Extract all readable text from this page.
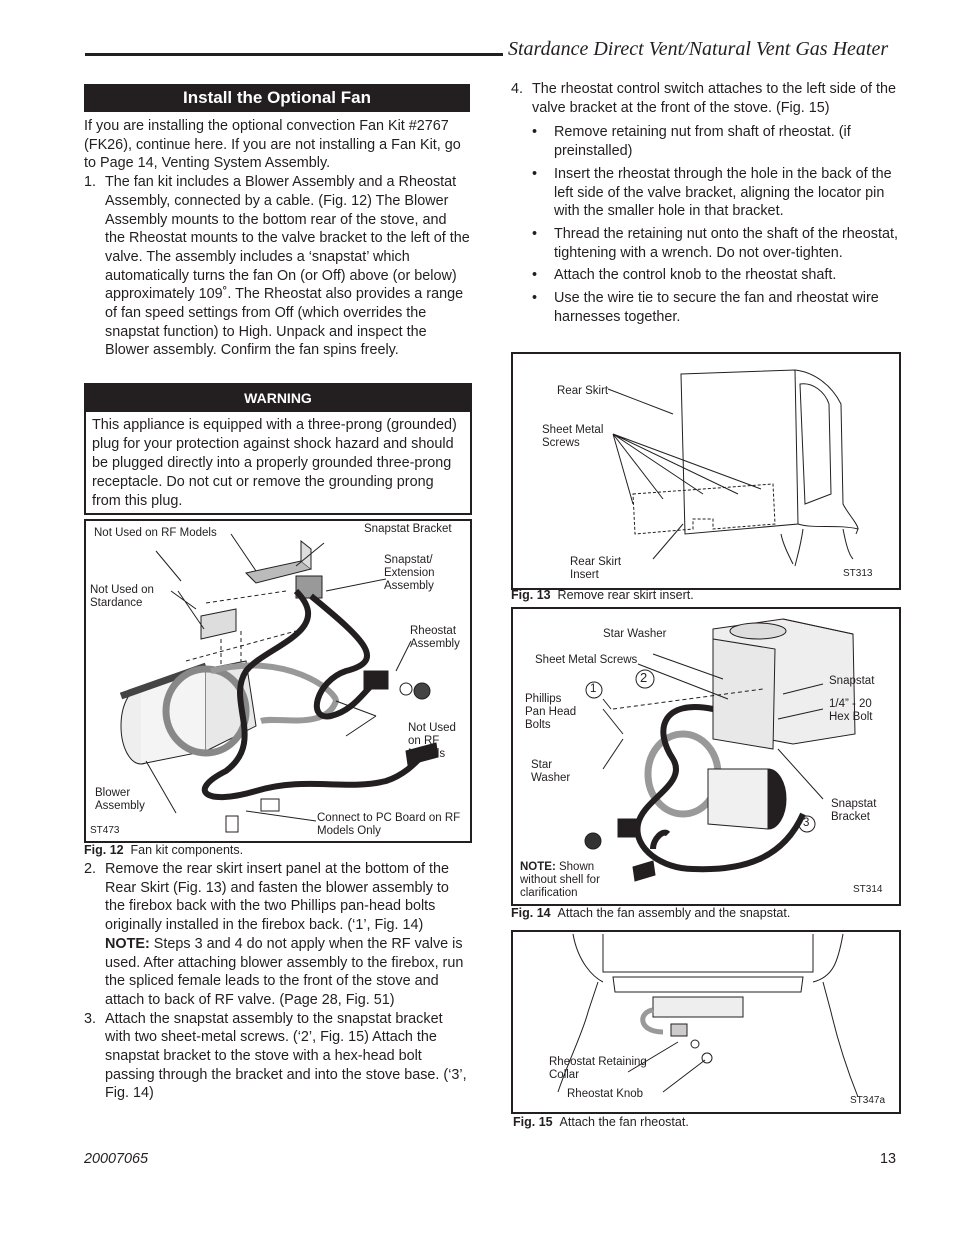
Stardance Direct Vent/Natural Vent Gas Heater
Install the Optional Fan
If you are installing the optional convection Fan Kit #2767 (FK26), continue here. If you are not installing a Fan Kit, go to Page 14, Venting System Assembly.
1. The fan kit includes a Blower Assembly and a Rheostat Assembly, connected by a cable. (Fig. 12) The Blower Assembly mounts to the bottom rear of the stove, and the Rheostat mounts to the valve bracket to the left of the valve. The assembly includes a ‘snapstat’ which automatically turns the fan On (or Off) above (or below) approximately 109˚. The Rheostat also provides a range of fan speed settings from Off (which overrides the snapstat function) to High. Unpack and inspect the Blower assembly. Confirm the fan spins freely.
WARNING
This appliance is equipped with a three-prong (grounded) plug for your protection against shock hazard and should be plugged directly into a properly grounded three-prong receptacle. Do not cut or remove the grounding prong from this plug.
Not Used on RF Models	Snapstat Bracket
Snapstat/ Extension Assembly
Not Used on Stardance
Rheostat Assembly
Not Used on RF Models
Blower Assembly
Connect to PC Board on RF Models Only
ST473
Fig. 12 Fan kit components.
2. Remove the rear skirt insert panel at the bottom of the Rear Skirt (Fig. 13) and fasten the blower assembly to the firebox back with the two Phillips pan-head bolts originally installed in the firebox back. (‘1’, Fig. 14)
NOTE: Steps 3 and 4 do not apply when the RF valve is used. After attaching blower assembly to the firebox, run the spliced female leads to the front of the stove and attach to back of RF valve. (Page 28, Fig. 51)
3. Attach the snapstat assembly to the snapstat bracket with two sheet-metal screws. (‘2’, Fig. 15) Attach the snapstat bracket to the stove with a hex-head bolt passing through the bracket and into the stove base. (‘3’, Fig. 14)
4. The rheostat control switch attaches to the left side of the valve bracket at the front of the stove. (Fig. 15)
• Remove retaining nut from shaft of rheostat. (if preinstalled)
• Insert the rheostat through the hole in the back of the left side of the valve bracket, aligning the locator pin with the smaller hole in that bracket.
• Thread the retaining nut onto the shaft of the rheostat, tightening with a wrench. Do not over-tighten.
• Attach the control knob to the rheostat shaft.
• Use the wire tie to secure the fan and rheostat wire harnesses together.
Rear Skirt
Sheet Metal Screws
Rear Skirt Insert	ST313
Fig. 13 Remove rear skirt insert.
Star Washer
Sheet Metal Screws
Phillips Pan Head Bolts
Star Washer
Snapstat
1/4” - 20 Hex Bolt
Snapstat Bracket
1
2
3
NOTE: Shown without shell for clarification	ST314
Fig. 14 Attach the fan assembly and the snapstat.
Rheostat Retaining Collar
Rheostat Knob
ST347a
Fig. 15 Attach the fan rheostat.
20007065	13
